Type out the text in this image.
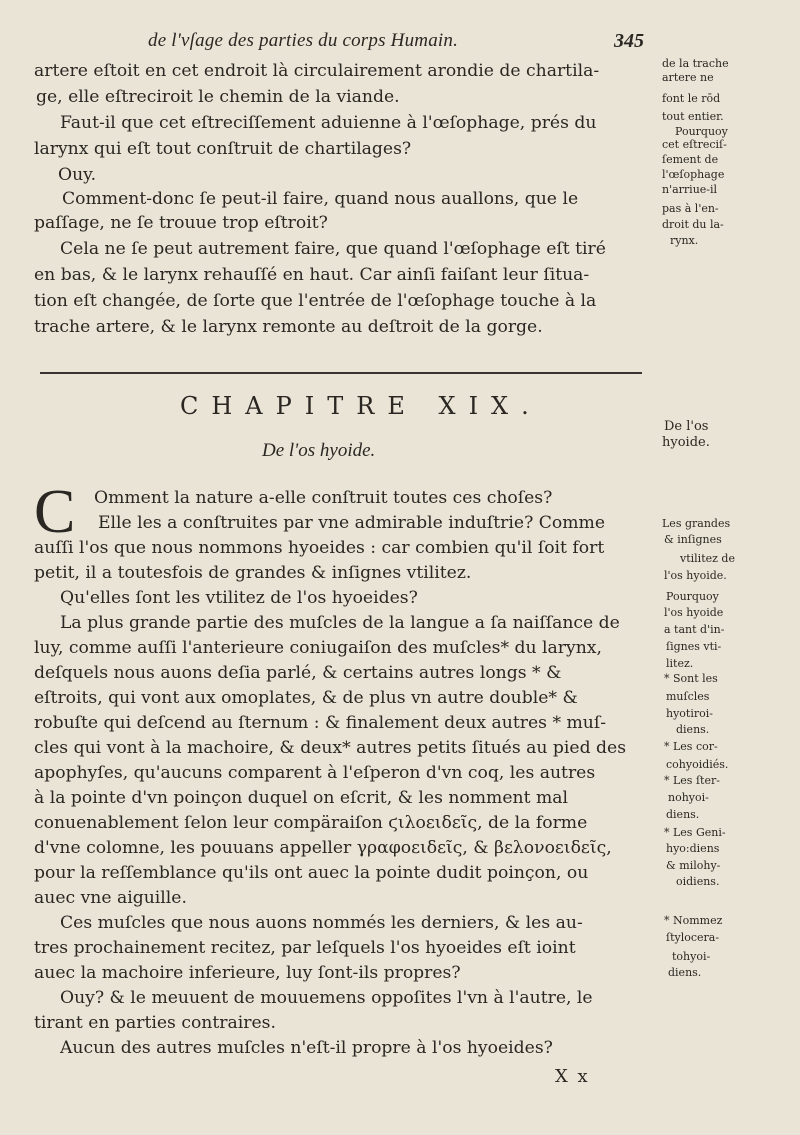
de l'vſage des parties du corps Humain.	345
artere eſtoit en cet endroit là circulairement arondie de chartila-
ge, elle eſtreciroit le chemin de la viande.
Faut-il que cet eſtreciſſement aduienne à l'œſophage, prés du
larynx qui eſt tout conſtruit de chartilages?
Ouy.
Comment-donc ſe peut-il faire, quand nous auallons, que le
paſſage, ne ſe trouue trop eſtroit?
Cela ne ſe peut autrement faire, que quand l'œſophage eſt tiré
en bas, & le larynx rehauſſé en haut. Car ainſi faiſant leur ſitua-
tion eſt changée, de ſorte que l'entrée de l'œſophage touche à la
trache artere, & le larynx remonte au deſtroit de la gorge.
de la trache
artere ne
font le rōd
tout entier.
Pourquoy
cet eſtreciſ-
ſement de
l'œſophage
n'arriue-il
pas à l'en-
droit du la-
rynx.
CHAPITRE XIX.
De l'os hyoide.
De l'os
hyoide.
C Omment la nature a-elle conſtruit toutes ces choſes?
Elle les a conſtruites par vne admirable induſtrie? Comme
auſſi l'os que nous nommons hyoeides : car combien qu'il ſoit fort
petit, il a toutesfois de grandes & inſignes vtilitez.
Qu'elles ſont les vtilitez de l'os hyoeides?
La plus grande partie des muſcles de la langue a ſa naiſſance de
luy, comme auſſi l'anterieure coniugaiſon des muſcles* du larynx,
deſquels nous auons deſia parlé, & certains autres longs * &
eſtroits, qui vont aux omoplates, & de plus vn autre double* &
robuſte qui deſcend au ſternum : & finalement deux autres * muſ-
cles qui vont à la machoire, & deux* autres petits ſitués au pied des
apophyſes, qu'aucuns comparent à l'eſperon d'vn coq, les autres
à la pointe d'vn poinçon duquel on eſcrit, & les nomment mal
conuenablement ſelon leur compäraiſon ϛιλοειδεῖς, de la forme
d'vne colomne, les pouuans appeller γραφοειδεῖς, & βελονοειδεῖς,
pour la reſſemblance qu'ils ont auec la pointe dudit poinçon, ou
auec vne aiguille.
Ces muſcles que nous auons nommés les derniers, & les au-
tres prochainement recitez, par leſquels l'os hyoeides eſt ioint
auec la machoire inferieure, luy ſont-ils propres?
Ouy? & le meuuent de mouuemens oppoſites l'vn à l'autre, le
tirant en parties contraires.
Aucun des autres muſcles n'eſt-il propre à l'os hyoeides?
Les grandes
& inſignes
vtilitez de
l'os hyoide.
Pourquoy
l'os hyoide
a tant d'in-
ſignes vti-
litez.
* Sont les
muſcles
hyotiroi-
diens.
* Les cor-
cohyoidiés.
* Les ſter-
nohyoi-
diens.
* Les Geni-
hyo:diens
& milohy-
oidiens.
* Nommez
ſtylocera-
tohyoi-
diens.
X x
